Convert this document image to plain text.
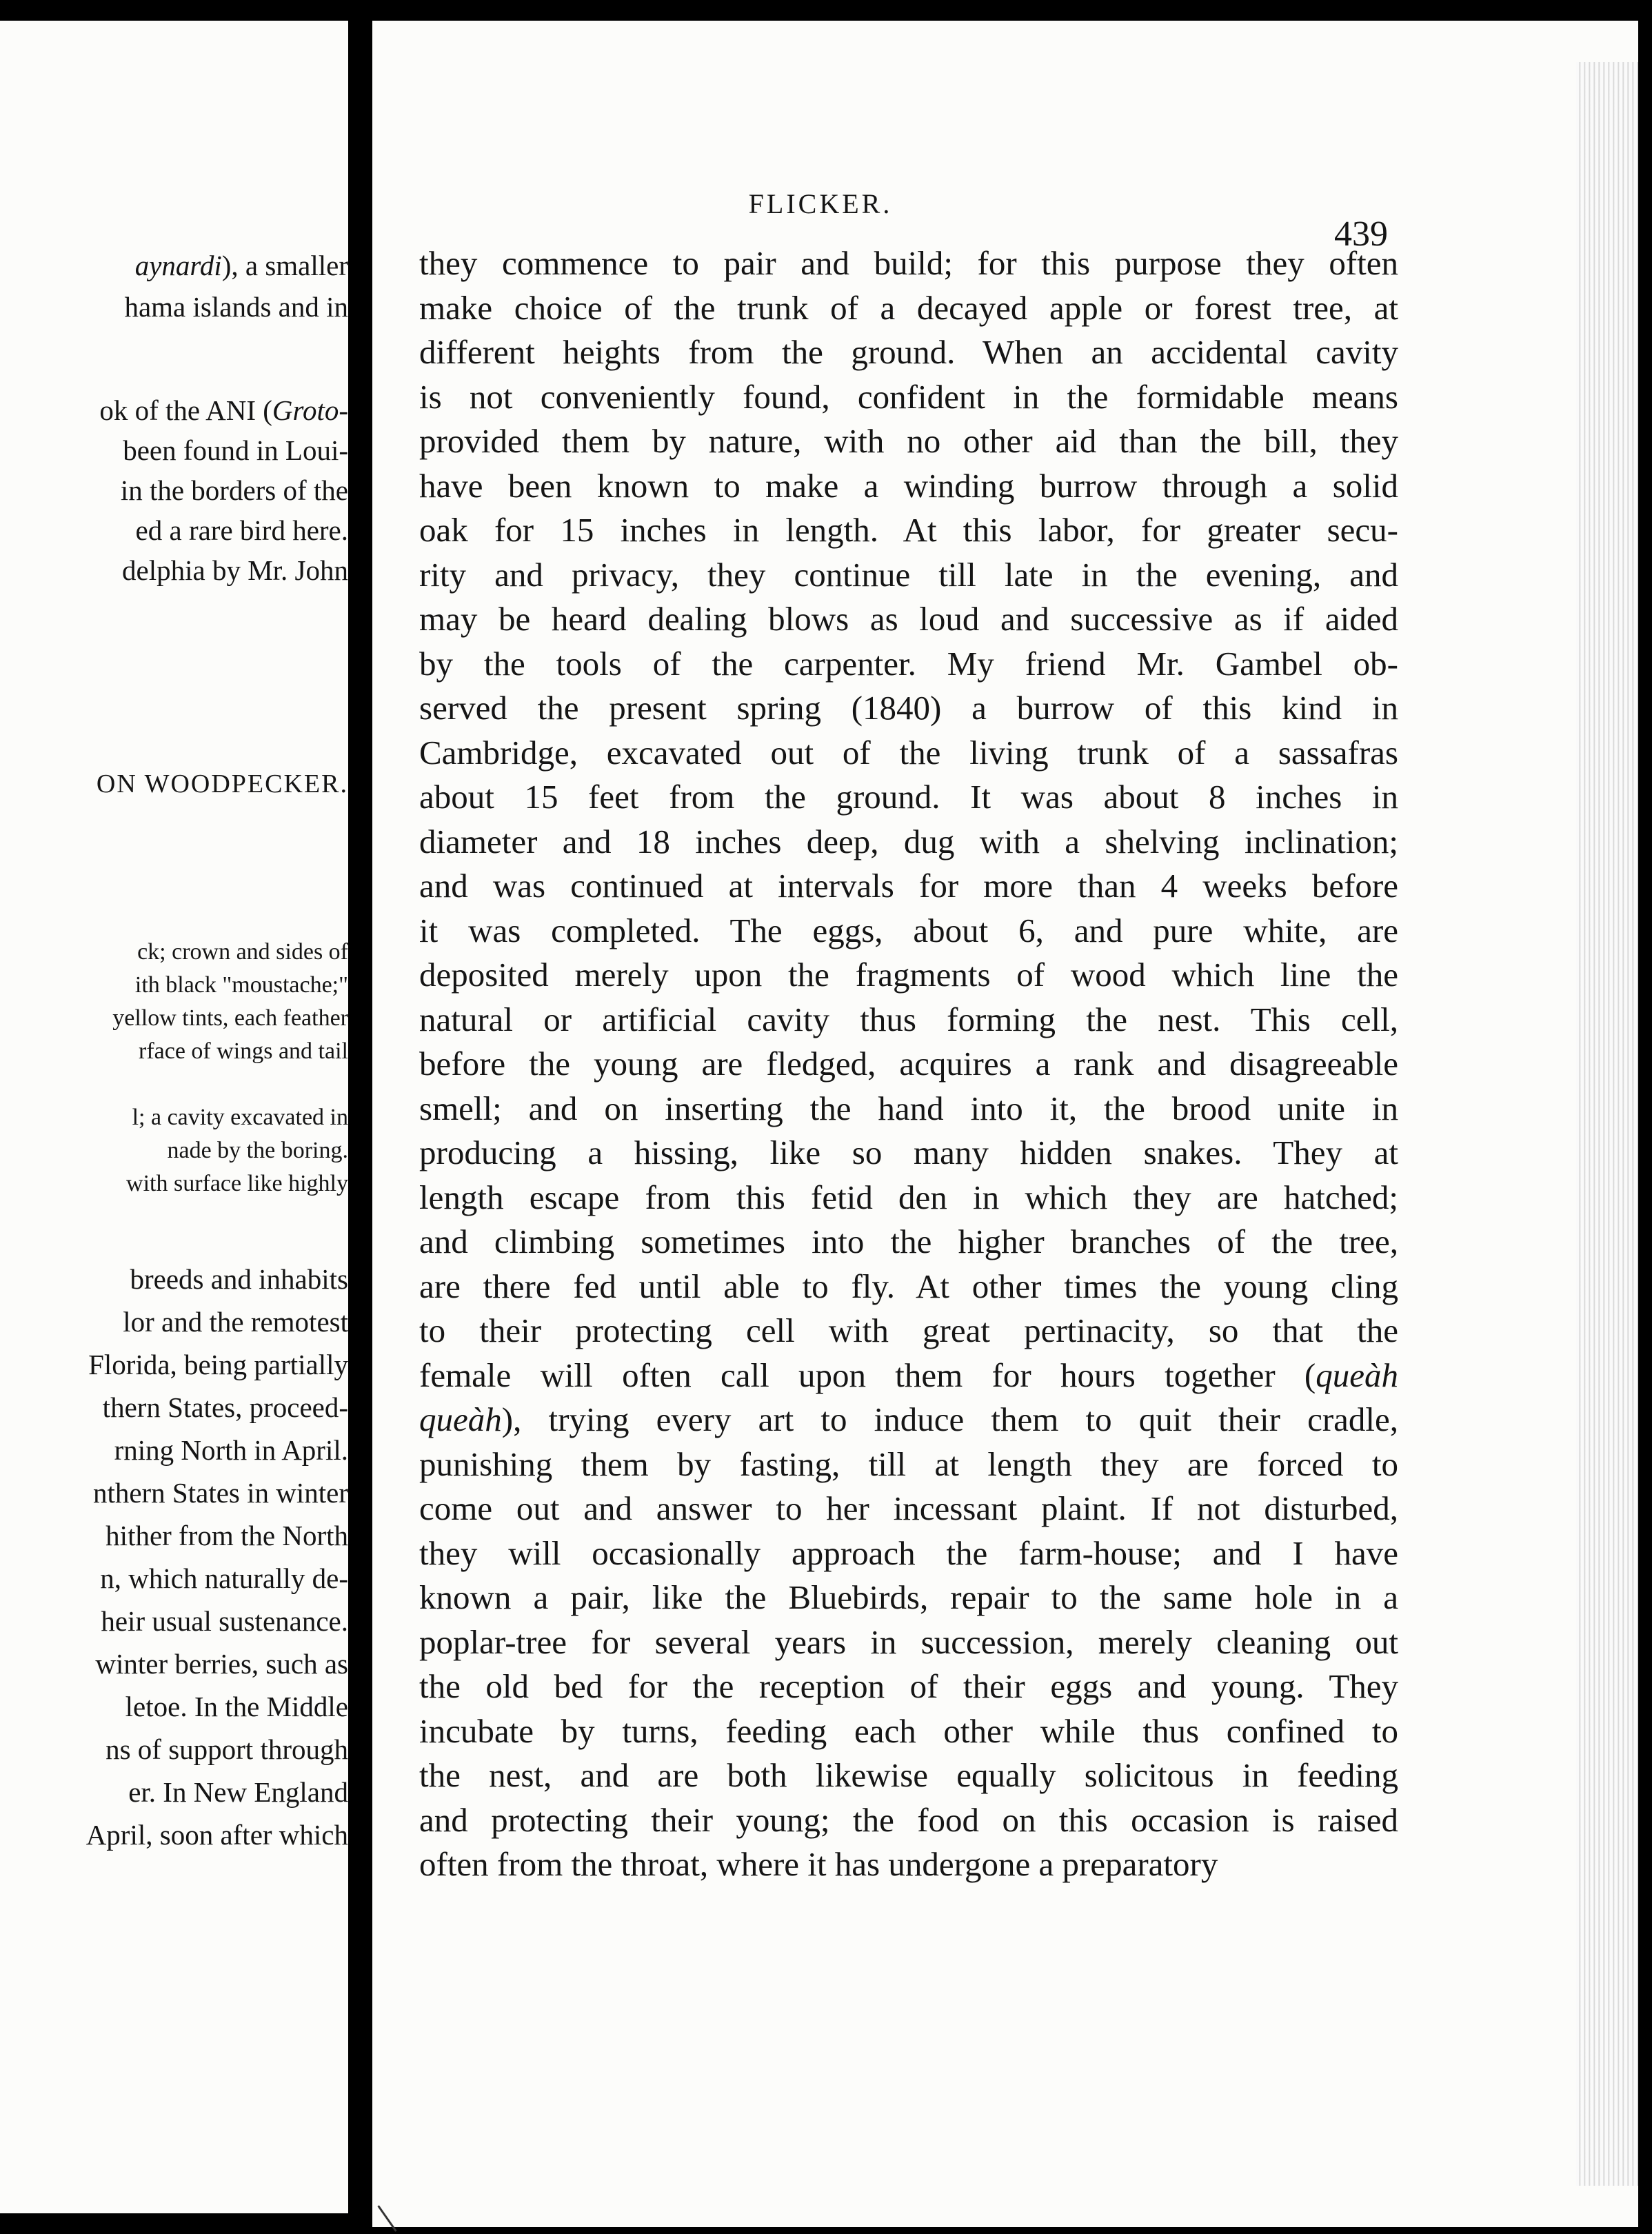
aynardi), a smaller
hama islands and in
ok of the ANI (Groto-
been found in Loui-
in the borders of the
ed a rare bird here.
delphia by Mr. John
ON WOODPECKER.
ck; crown and sides of
ith black "moustache;"
yellow tints, each feather
rface of wings and tail
l; a cavity excavated in
nade by the boring.
with surface like highly
breeds and inhabits
lor and the remotest
Florida, being partially
thern States, proceed-
rning North in April.
nthern States in winter
hither from the North
n, which naturally de-
heir usual sustenance.
winter berries, such as
letoe. In the Middle
ns of support through
er. In New England
April, soon after which
FLICKER.
439
they commence to pair and build; for this purpose they often
make choice of the trunk of a decayed apple or forest tree, at
different heights from the ground. When an accidental cavity
is not conveniently found, confident in the formidable means
provided them by nature, with no other aid than the bill, they
have been known to make a winding burrow through a solid
oak for 15 inches in length. At this labor, for greater secu-
rity and privacy, they continue till late in the evening, and
may be heard dealing blows as loud and successive as if aided
by the tools of the carpenter. My friend Mr. Gambel ob-
served the present spring (1840) a burrow of this kind in
Cambridge, excavated out of the living trunk of a sassafras
about 15 feet from the ground. It was about 8 inches in
diameter and 18 inches deep, dug with a shelving inclination;
and was continued at intervals for more than 4 weeks before
it was completed. The eggs, about 6, and pure white, are
deposited merely upon the fragments of wood which line the
natural or artificial cavity thus forming the nest. This cell,
before the young are fledged, acquires a rank and disagreeable
smell; and on inserting the hand into it, the brood unite in
producing a hissing, like so many hidden snakes. They at
length escape from this fetid den in which they are hatched;
and climbing sometimes into the higher branches of the tree,
are there fed until able to fly. At other times the young cling
to their protecting cell with great pertinacity, so that the
female will often call upon them for hours together (queàh
queàh), trying every art to induce them to quit their cradle,
punishing them by fasting, till at length they are forced to
come out and answer to her incessant plaint. If not disturbed,
they will occasionally approach the farm-house; and I have
known a pair, like the Bluebirds, repair to the same hole in a
poplar-tree for several years in succession, merely cleaning out
the old bed for the reception of their eggs and young. They
incubate by turns, feeding each other while thus confined to
the nest, and are both likewise equally solicitous in feeding
and protecting their young; the food on this occasion is raised
often from the throat, where it has undergone a preparatory
